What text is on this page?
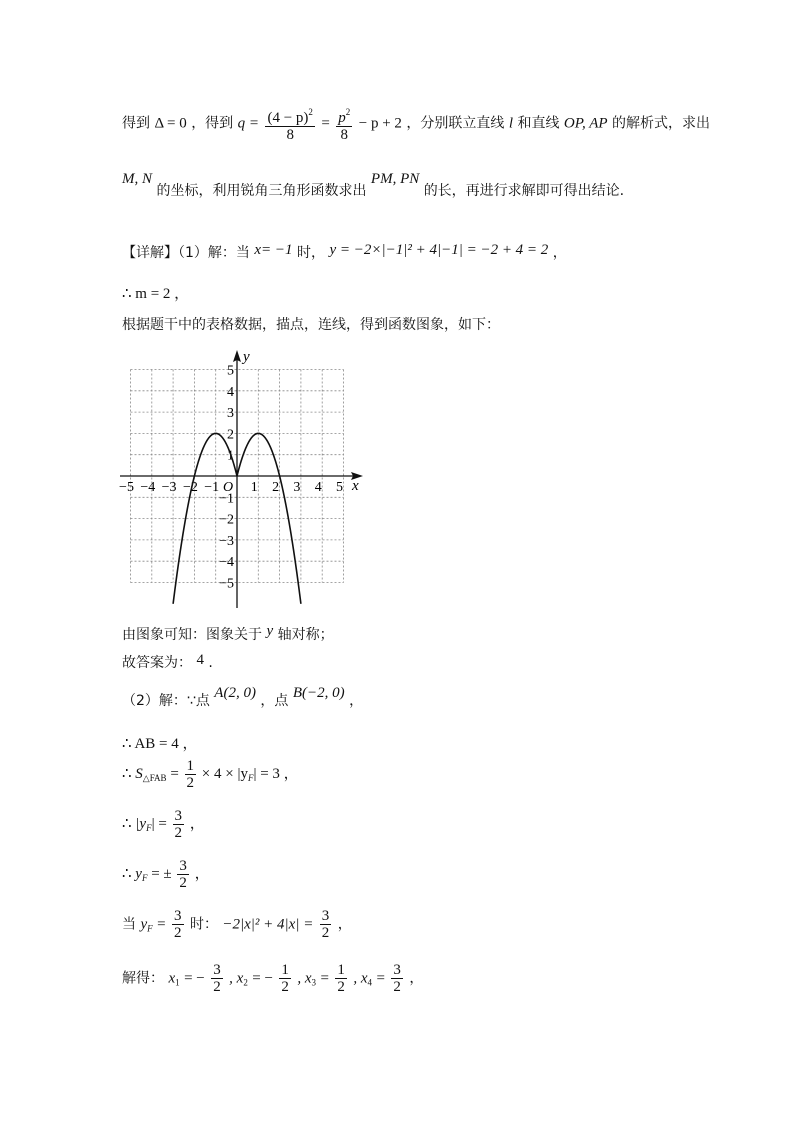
得到 Δ = 0 ，得到 $q = \frac{(4 - p)^2}{8} = \frac{p^2}{8} - p + 2$ ，分别联立直线 l 和直线 OP, AP 的解析式，求出
M, N 的坐标，利用锐角三角形函数求出 PM, PN 的长，再进行求解即可得出结论.
【详解】（1）解：当 x= −1 时， y = −2×|−1|² + 4|−1| = −2 + 4 = 2 ，
∴ m = 2 ，
根据题干中的表格数据，描点，连线，得到函数图象，如下：
−5 −4 −3 −2 −1 1 2 3 4 5
5
4
3
2
1
−1
−2
−3
−4
−5
x
y
O
由图象可知：图象关于 y 轴对称；
故答案为： 4 .
（2）解：∵点 A(2, 0) ，点 B(−2, 0) ，
∴ AB = 4 ，
∴ $S_{\triangle FAB} = \frac{1}{2} \times 4 \times |y_F| = 3$ ，
∴ $|y_F| = \frac{3}{2}$ ，
∴ $y_F$ = ± $\frac{3}{2}$ ，
当 $y_F = \frac{3}{2}$ 时： $-2|x|^2 + 4|x| = \frac{3}{2}$ ，
解得： $x_1$ = − $\frac{3}{2}$ , $x_2$ = − $\frac{1}{2}$ , $x_3 = \frac{1}{2}$ , $x_4 = \frac{3}{2}$ ，
